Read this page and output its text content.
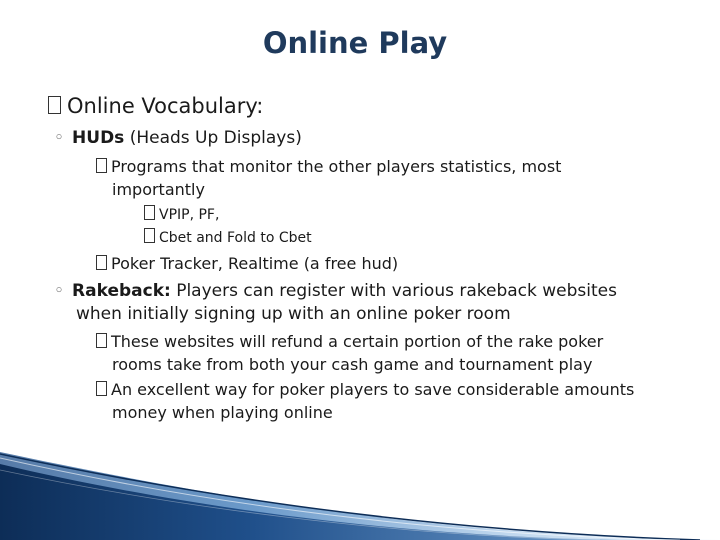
Online Play
Online Vocabulary:
◦ HUDs (Heads Up Displays)
Programs that monitor the other players statistics, most
importantly
VPIP, PF,
Cbet and Fold to Cbet
Poker Tracker, Realtime (a free hud)
◦ Rakeback: Players can register with various rakeback websites
when initially signing up with an online poker room
These websites will refund a certain portion of the rake poker
rooms take from both your cash game and tournament play
An excellent way for poker players to save considerable amounts
money when playing online
